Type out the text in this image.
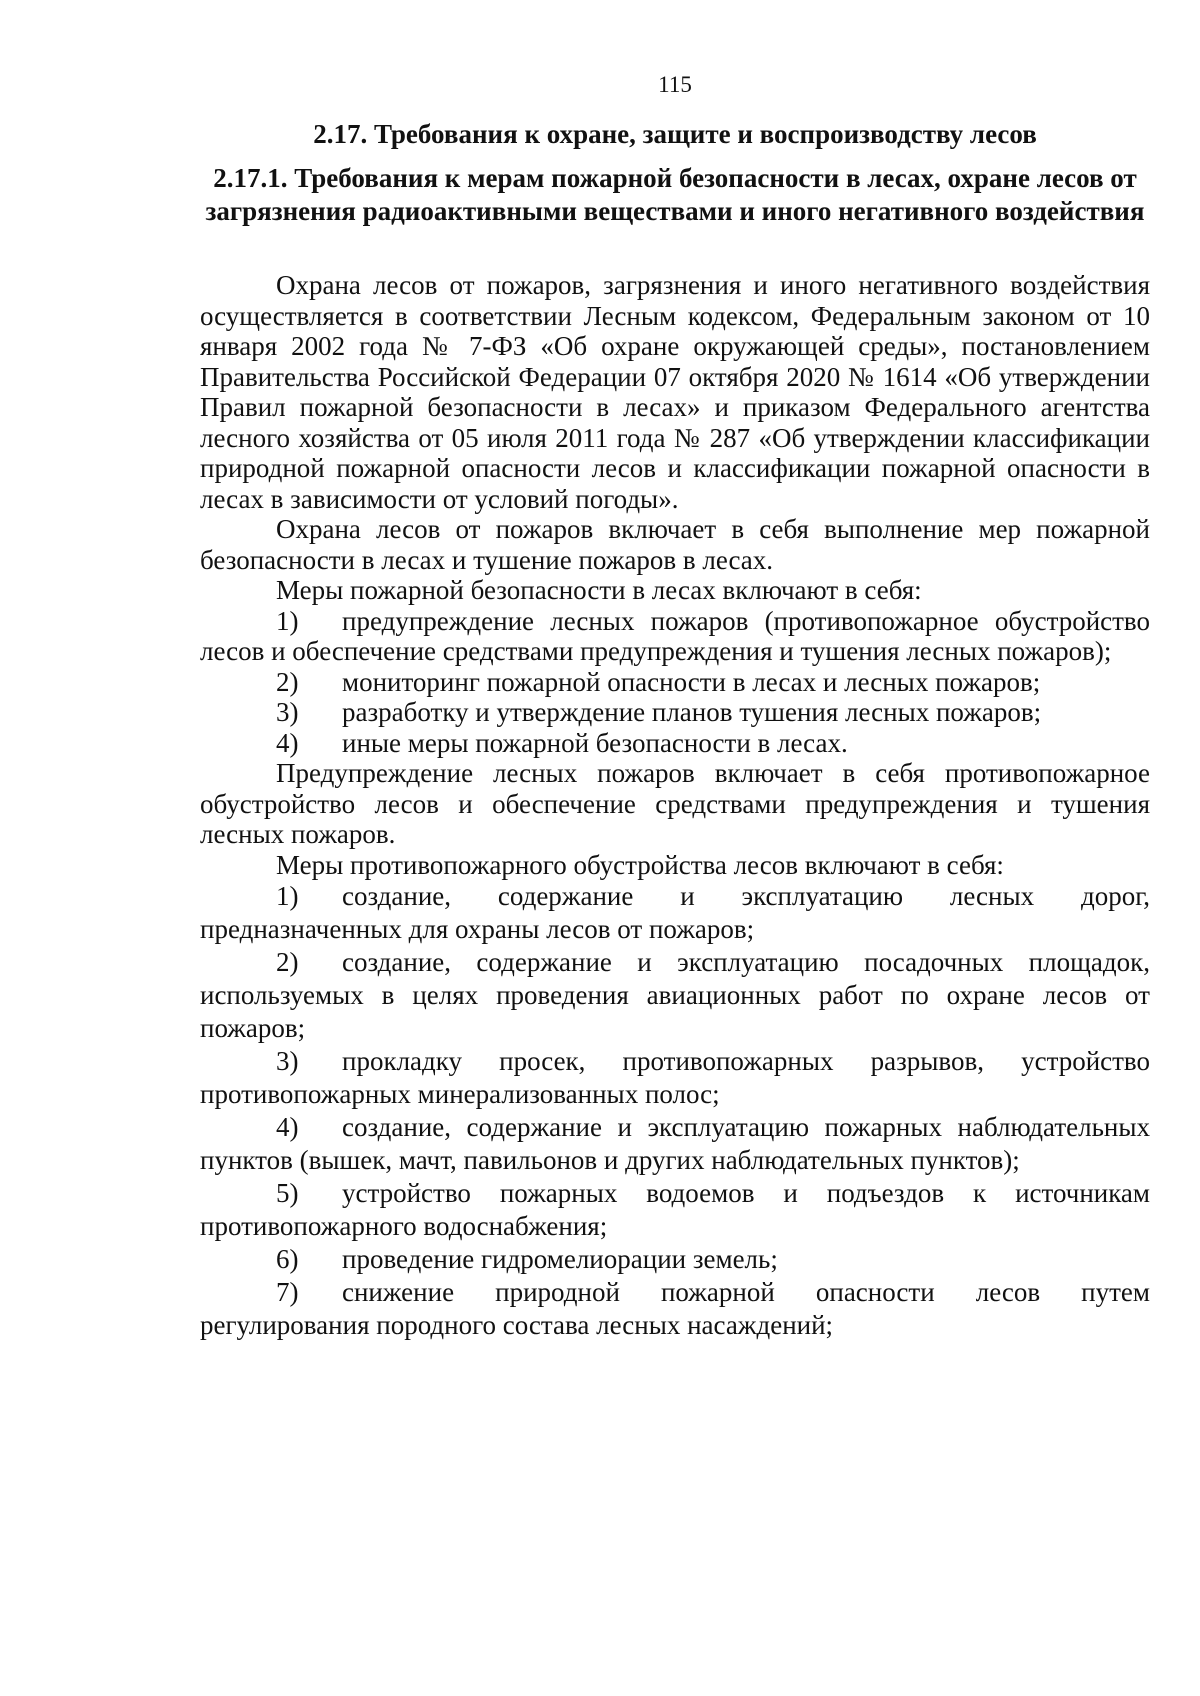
115
2.17. Требования к охране, защите и воспроизводству лесов
2.17.1. Требования к мерам пожарной безопасности в лесах, охране лесов от загрязнения радиоактивными веществами и иного негативного воздействия

Охрана лесов от пожаров, загрязнения и иного негативного воздействия осуществляется в соответствии Лесным кодексом, Федеральным законом от 10 января 2002 года № 7-ФЗ «Об охране окружающей среды», постановлением Правительства Российской Федерации 07 октября 2020 № 1614 «Об утверждении Правил пожарной безопасности в лесах» и приказом Федерального агентства лесного хозяйства от 05 июля 2011 года № 287 «Об утверждении классификации природной пожарной опасности лесов и классификации пожарной опасности в лесах в зависимости от условий погоды».

Охрана лесов от пожаров включает в себя выполнение мер пожарной безопасности в лесах и тушение пожаров в лесах.

Меры пожарной безопасности в лесах включают в себя:

1) предупреждение лесных пожаров (противопожарное обустройство лесов и обеспечение средствами предупреждения и тушения лесных пожаров);

2) мониторинг пожарной опасности в лесах и лесных пожаров;

3) разработку и утверждение планов тушения лесных пожаров;

4) иные меры пожарной безопасности в лесах.

Предупреждение лесных пожаров включает в себя противопожарное обустройство лесов и обеспечение средствами предупреждения и тушения лесных пожаров.

Меры противопожарного обустройства лесов включают в себя:

1) создание, содержание и эксплуатацию лесных дорог, предназначенных для охраны лесов от пожаров;

2) создание, содержание и эксплуатацию посадочных площадок, используемых в целях проведения авиационных работ по охране лесов от пожаров;

3) прокладку просек, противопожарных разрывов, устройство противопожарных минерализованных полос;

4) создание, содержание и эксплуатацию пожарных наблюдательных пунктов (вышек, мачт, павильонов и других наблюдательных пунктов);

5) устройство пожарных водоемов и подъездов к источникам противопожарного водоснабжения;

6) проведение гидромелиорации земель;

7) снижение природной пожарной опасности лесов путем регулирования породного состава лесных насаждений;
